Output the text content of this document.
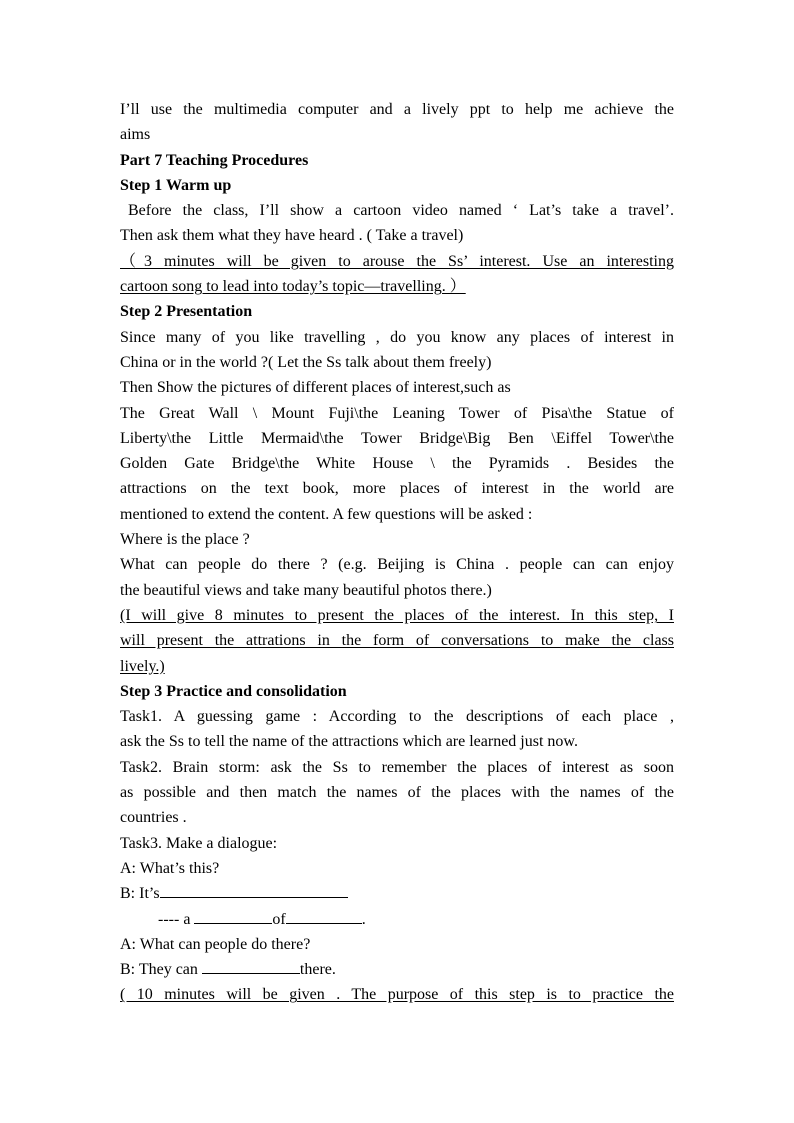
I’ll use the multimedia computer and a lively ppt to help me achieve the
aims
Part 7 Teaching Procedures
Step 1 Warm up
Before the class, I’ll show a cartoon video named ‘ Lat’s take a travel’.
Then ask them what they have heard . ( Take a travel)
（3 minutes will be given to arouse the Ss’ interest. Use an interesting
cartoon song to lead into today’s topic—travelling. ）
Step 2 Presentation
Since many of you like travelling , do you know any places of interest in
China or in the world ?( Let the Ss talk about them freely)
Then Show the pictures of different places of interest,such as
The Great Wall \ Mount Fuji\the Leaning Tower of Pisa\the Statue of
Liberty\the Little Mermaid\the Tower Bridge\Big Ben \Eiffel Tower\the
Golden Gate Bridge\the White House \ the Pyramids . Besides the
attractions on the text book, more places of interest in the world are
mentioned to extend the content. A few questions will be asked :
Where is the place ?
What can people do there ? (e.g. Beijing is China . people can can enjoy
the beautiful views and take many beautiful photos there.)
(I will give 8 minutes to present the places of the interest. In this step, I
will present the attrations in the form of conversations to make the class
lively.)
Step 3 Practice and consolidation
Task1. A guessing game : According to the descriptions of each place ,
ask the Ss to tell the name of the attractions which are learned just now.
Task2. Brain storm: ask the Ss to remember the places of interest as soon
as possible and then match the names of the places with the names of the
countries .
Task3. Make a dialogue:
A: What’s this?
B: It’s
---- a	of	.
A: What can people do there?
B: They can	there.
( 10 minutes will be given . The purpose of this step is to practice the
